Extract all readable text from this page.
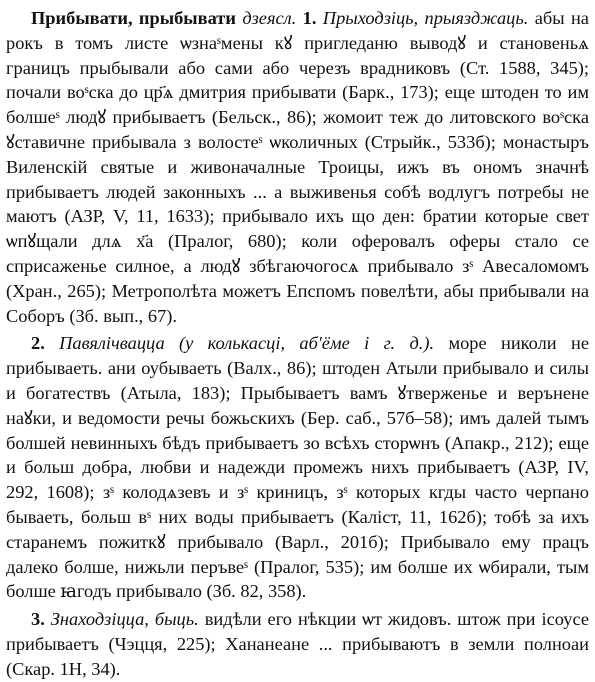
Прибывати, прыбывати дзеясл. 1. Прыходзіць, прыязджаць. абы на рокъ в томъ листе ѡзнаˢмены кꙋ пригледаню выводꙋ и становеньѧ границъ прыбывали або сами або черезъ врадниковъ (Ст. 1588, 345); почали воˢска до цр҃ѧ дмитрия прибывати (Барк., 173); еще штоден то им болшеˢ людꙋ прибываетъ (Бельск., 86); жомоит теж до литовского воˢска ꙋставичне прибывала з волостеˢ ѡколичных (Стрыйк., 533б); монастыръ Виленскій святые и живоначалные Троицы, ижъ въ ономъ значнѣ прибываетъ людей законныхъ ... а выживенья собѣ водлугъ потребы не маютъ (АЗР, V, 11, 1633); прибывало ихъ що ден: братии которые свет ѡпꙋщали длѧ х҃а (Пралог, 680); коли оферовалъ оферы стало се сприсаженье силное, а людꙋ збѣгаючогосѧ прибывало зˢ Авесаломомъ (Хран., 265); Метрополѣта можетъ Епспомъ повелѣти, абы прибывали на Соборъ (Зб. вып., 67).

2. Павялічвацца (у колькасці, аб'ёме і г. д.). море николи не прибываеть. ани оубываеть (Валх., 86); штоден Атыли прибывало и силы и богатествъ (Атыла, 183); Прыбываетъ вамъ ꙋтверженье и верънене наꙋки, и ведомости речы божьскихъ (Бер. саб., 57б–58); имъ далей тымъ болшей невинныхъ бѣдъ прибываетъ зо всѣхъ сторѡнъ (Апакр., 212); еще и больш добра, любви и надежди промежъ нихъ прибываетъ (АЗР, IV, 292, 1608); зˢ колодѧзевъ и зˢ криницъ, зˢ которых кгды часто черпано бываеть, больш вˢ них воды прибываетъ (Каліст, 11, 162б); тобѣ за ихъ старанемъ пожиткꙋ прибывало (Варл., 201б); Прибывало ему працъ далеко болше, нижьли перъвеˢ (Пралог, 535); им болше их ѡбирали, тым болше ꙗгодъ прибывало (Зб. 82, 358).

3. Знаходзіцца, быць. видѣли его нѣкции ѡт жидовъ. штож при ісоусе прибываетъ (Чэцця, 225); Хананеане ... прибываютъ в земли полноаи (Скар. 1Н, 34).
